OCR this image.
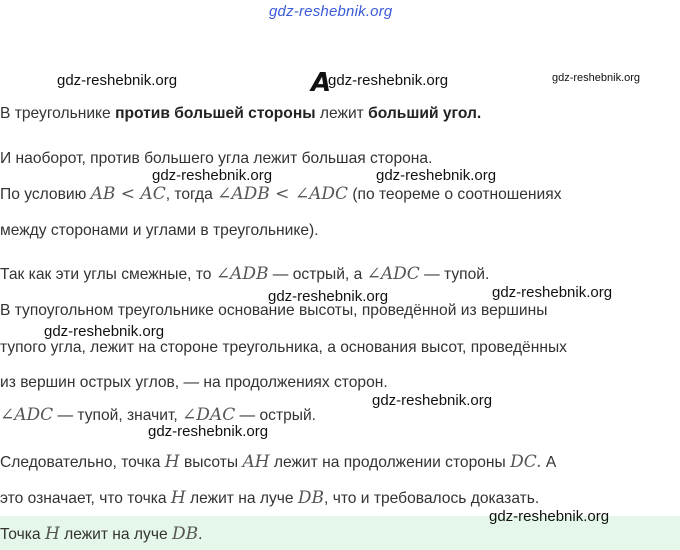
gdz-reshebnik.org
gdz-reshebnik.org	A
gdz-reshebnik.org	gdz-reshebnik.org
gdz-reshebnik.org	gdz-reshebnik.org
gdz-reshebnik.org	gdz-reshebnik.org
gdz-reshebnik.org
gdz-reshebnik.org
gdz-reshebnik.org
gdz-reshebnik.org
В треугольнике против большей стороны лежит больший угол.
И наоборот, против большего угла лежит большая сторона.
По условию AB < AC, тогда ∠ADB < ∠ADC (по теореме о соотношениях
между сторонами и углами в треугольнике).
Так как эти углы смежные, то ∠ADB — острый, а ∠ADC — тупой.
В тупоугольном треугольнике основание высоты, проведённой из вершины
тупого угла, лежит на стороне треугольника, а основания высот, проведённых
из вершин острых углов, — на продолжениях сторон.
∠ADC — тупой, значит, ∠DAC — острый.
Следовательно, точка H высоты AH лежит на продолжении стороны DC. А
это означает, что точка H лежит на луче DB, что и требовалось доказать.
Точка H лежит на луче DB.
